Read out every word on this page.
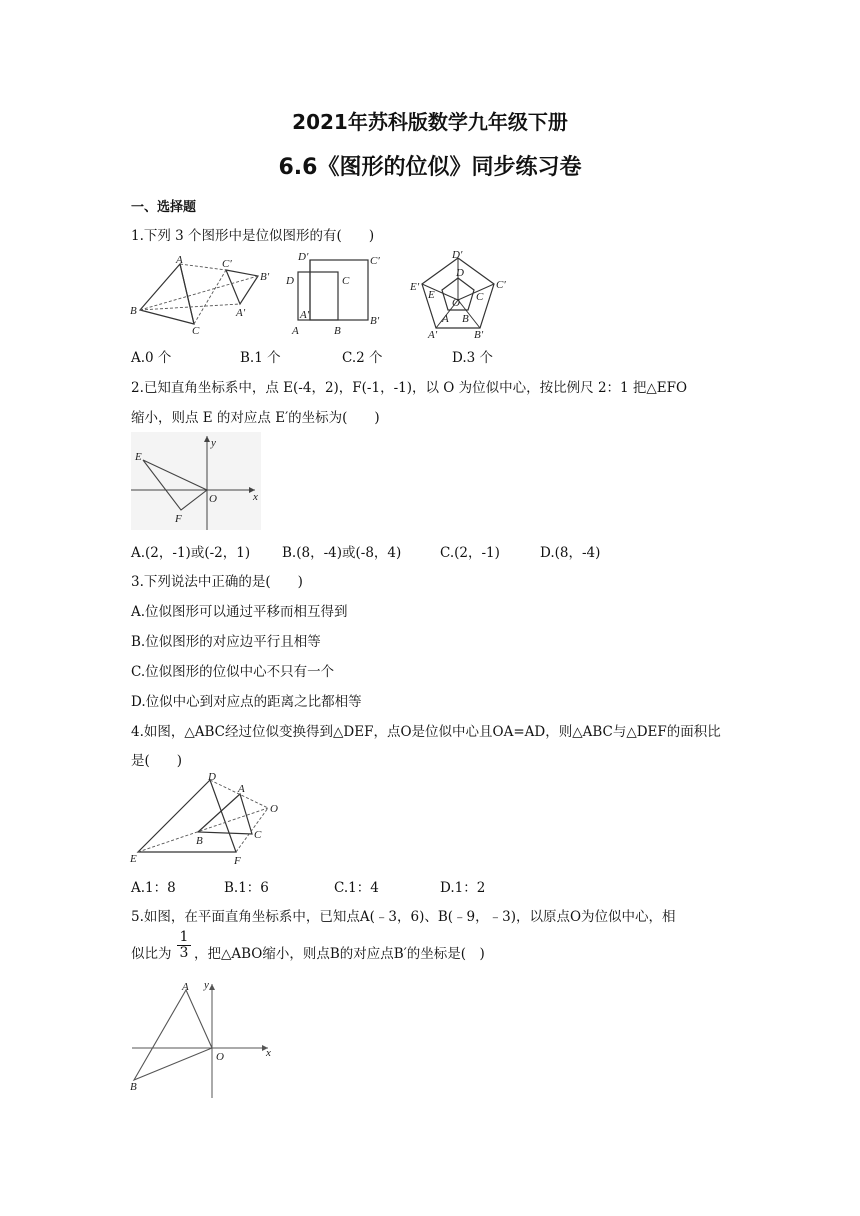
2021年苏科版数学九年级下册
6.6《图形的位似》同步练习卷
一、选择题
1.下列 3 个图形中是位似图形的有(　　)
A
B
C
C′
B′
A′
D′	C′
D	C
A′
A	B
B′
D′
D
E′
E
O C
C′
A B
A′	B′
A.0 个	B.1 个	C.2 个	D.3 个
2.已知直角坐标系中，点 E(-4，2)，F(-1，-1)，以 O 为位似中心，按比例尺 2：1 把△EFO
缩小，则点 E 的对应点 E′的坐标为(　　)
y
E
O	x
F
A.(2，-1)或(-2，1) B.(8，-4)或(-8，4)	C.(2，-1)	D.(8，-4)
3.下列说法中正确的是(　　)
A.位似图形可以通过平移而相互得到
B.位似图形的对应边平行且相等
C.位似图形的位似中心不只有一个
D.位似中心到对应点的距离之比都相等
4.如图，△ABC经过位似变换得到△DEF，点O是位似中心且OA=AD，则△ABC与△DEF的面积比
是(　　)
D
A
O
C
B
E	F
A.1：8	B.1：6	C.1：4	D.1：2
5.如图，在平面直角坐标系中，已知点A(﹣3，6)、B(﹣9，﹣3)，以原点O为位似中心，相
似比为
1
3 ，把△ABO缩小，则点B的对应点B′的坐标是(　)
y
A
O	x
B
